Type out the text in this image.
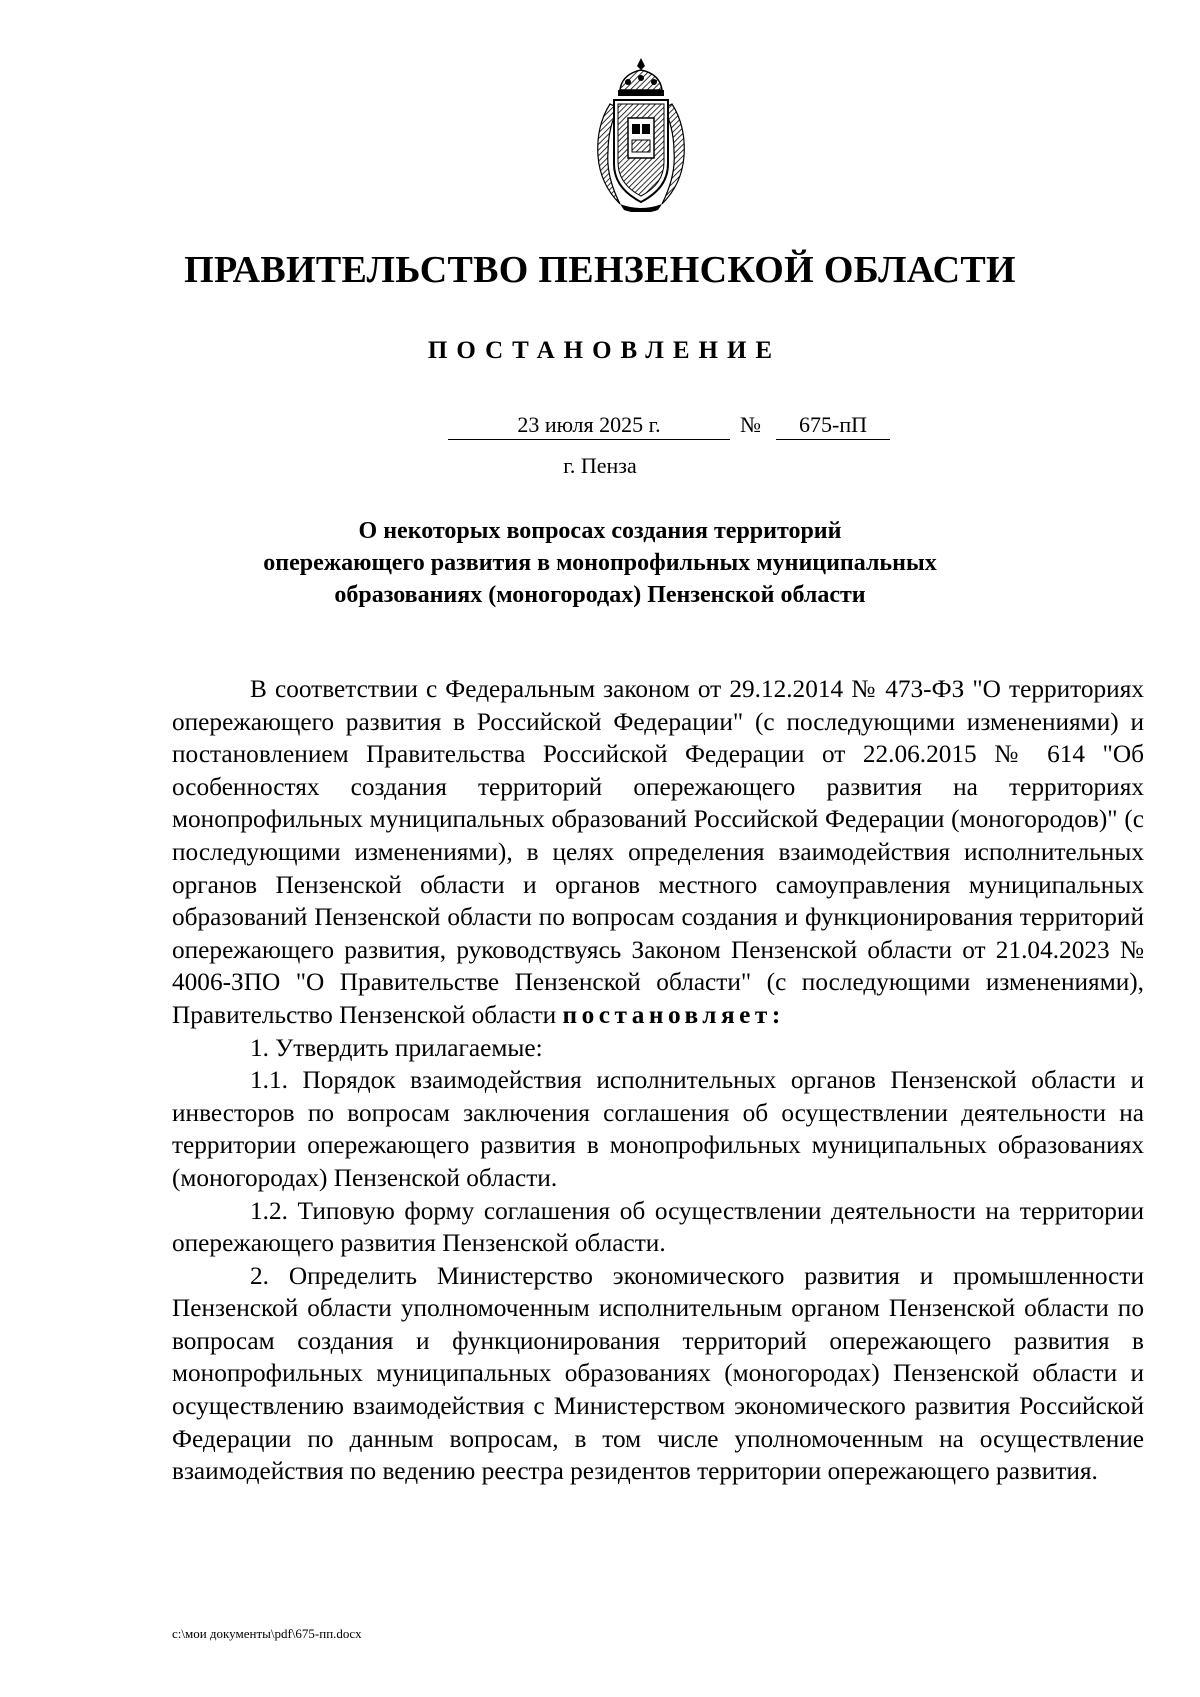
ПРАВИТЕЛЬСТВО ПЕНЗЕНСКОЙ ОБЛАСТИ
ПОСТАНОВЛЕНИЕ
23 июля 2025 г.	№	675-пП
г. Пенза
О некоторых вопросах создания территорий
опережающего развития в монопрофильных муниципальных
образованиях (моногородах) Пензенской области

В соответствии с Федеральным законом от 29.12.2014 № 473-ФЗ "О территориях опережающего развития в Российской Федерации" (с последующими изменениями) и постановлением Правительства Российской Федерации от 22.06.2015 № 614 "Об особенностях создания территорий опережающего развития на территориях монопрофильных муниципальных образований Российской Федерации (моногородов)" (с последующими изменениями), в целях определения взаимодействия исполнительных органов Пензенской области и органов местного самоуправления муниципальных образований Пензенской области по вопросам создания и функционирования территорий опережающего развития, руководствуясь Законом Пензенской области от 21.04.2023 № 4006-ЗПО "О Правительстве Пензенской области" (с последующими изменениями), Правительство Пензенской области постановляет:

1. Утвердить прилагаемые:

1.1. Порядок взаимодействия исполнительных органов Пензенской области и инвесторов по вопросам заключения соглашения об осуществлении деятельности на территории опережающего развития в монопрофильных муниципальных образованиях (моногородах) Пензенской области.

1.2. Типовую форму соглашения об осуществлении деятельности на территории опережающего развития Пензенской области.

2. Определить Министерство экономического развития и промышленности Пензенской области уполномоченным исполнительным органом Пензенской области по вопросам создания и функционирования территорий опережающего развития в монопрофильных муниципальных образованиях (моногородах) Пензенской области и осуществлению взаимодействия с Министерством экономического развития Российской Федерации по данным вопросам, в том числе уполномоченным на осуществление взаимодействия по ведению реестра резидентов территории опережающего развития.

c:\мои документы\pdf\675-пп.docx
